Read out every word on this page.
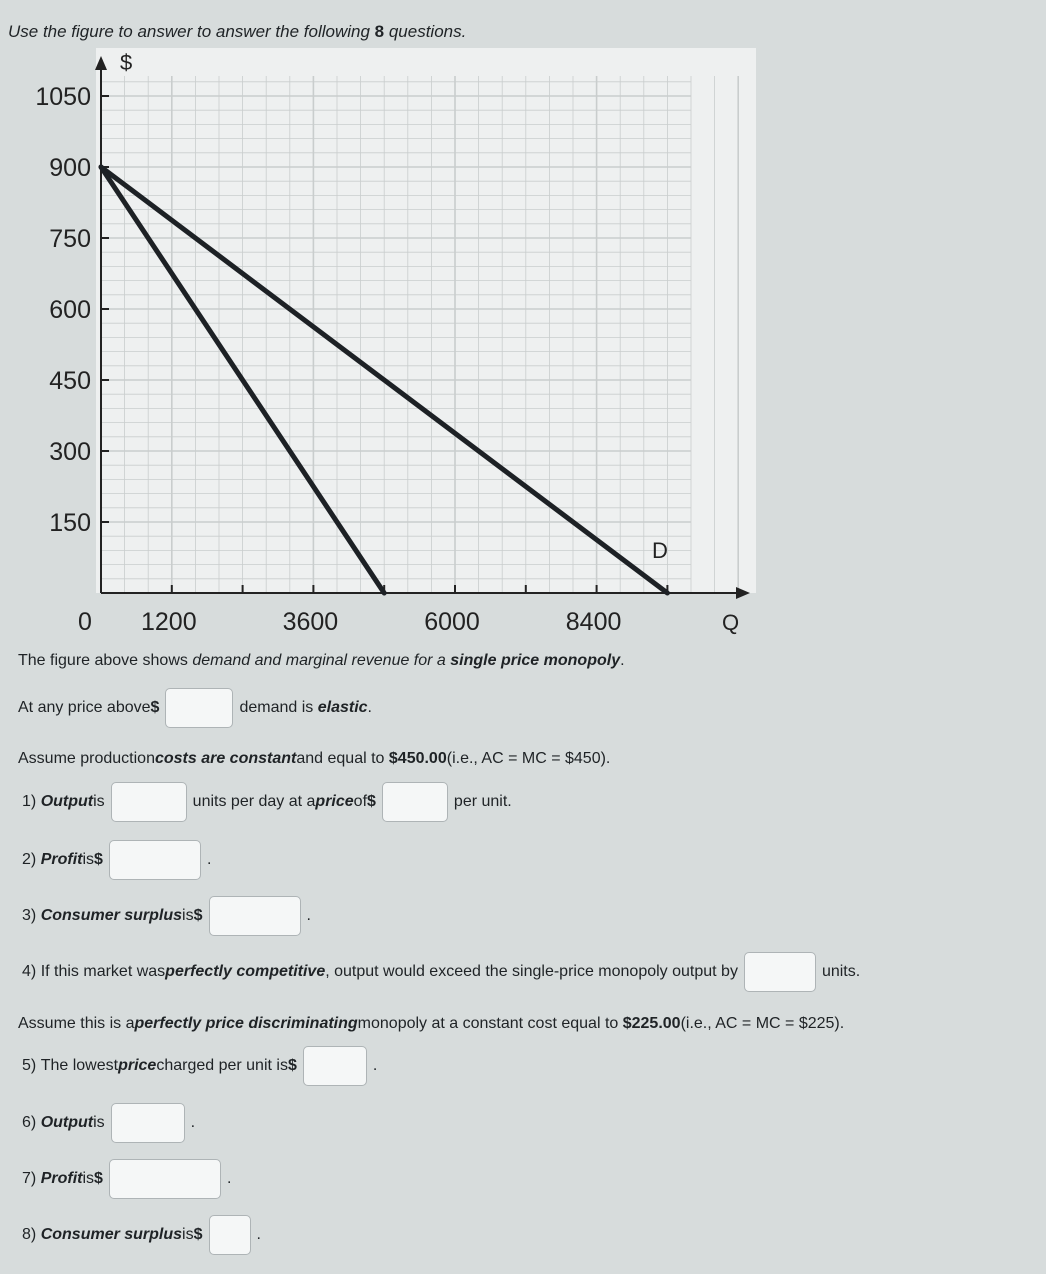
Use the figure to answer to answer the following 8 questions.
150
300
450
600
750
900
1050
0 1200	3600	6000	8400
$
Q
D
The figure above shows
demand and marginal revenue for a
single price monopoly .
At any price above $	demand is
elastic .
Assume production costs are constant and equal to
$450.00 (i.e., AC = MC = $450).
1)
Output is	units per day at a price of $	per unit.
2)
Profit is $	.
3)
Consumer surplus is $	.
4)
If this market was perfectly competitive , output would exceed the single-price monopoly output by	units.
Assume this is a perfectly price discriminating monopoly at a constant cost equal to
$225.00 (i.e., AC = MC = $225).
5)
The lowest price charged per unit is $	.
6)
Output is	.
7)
Profit is $	.
8)
Consumer surplus is $	.
